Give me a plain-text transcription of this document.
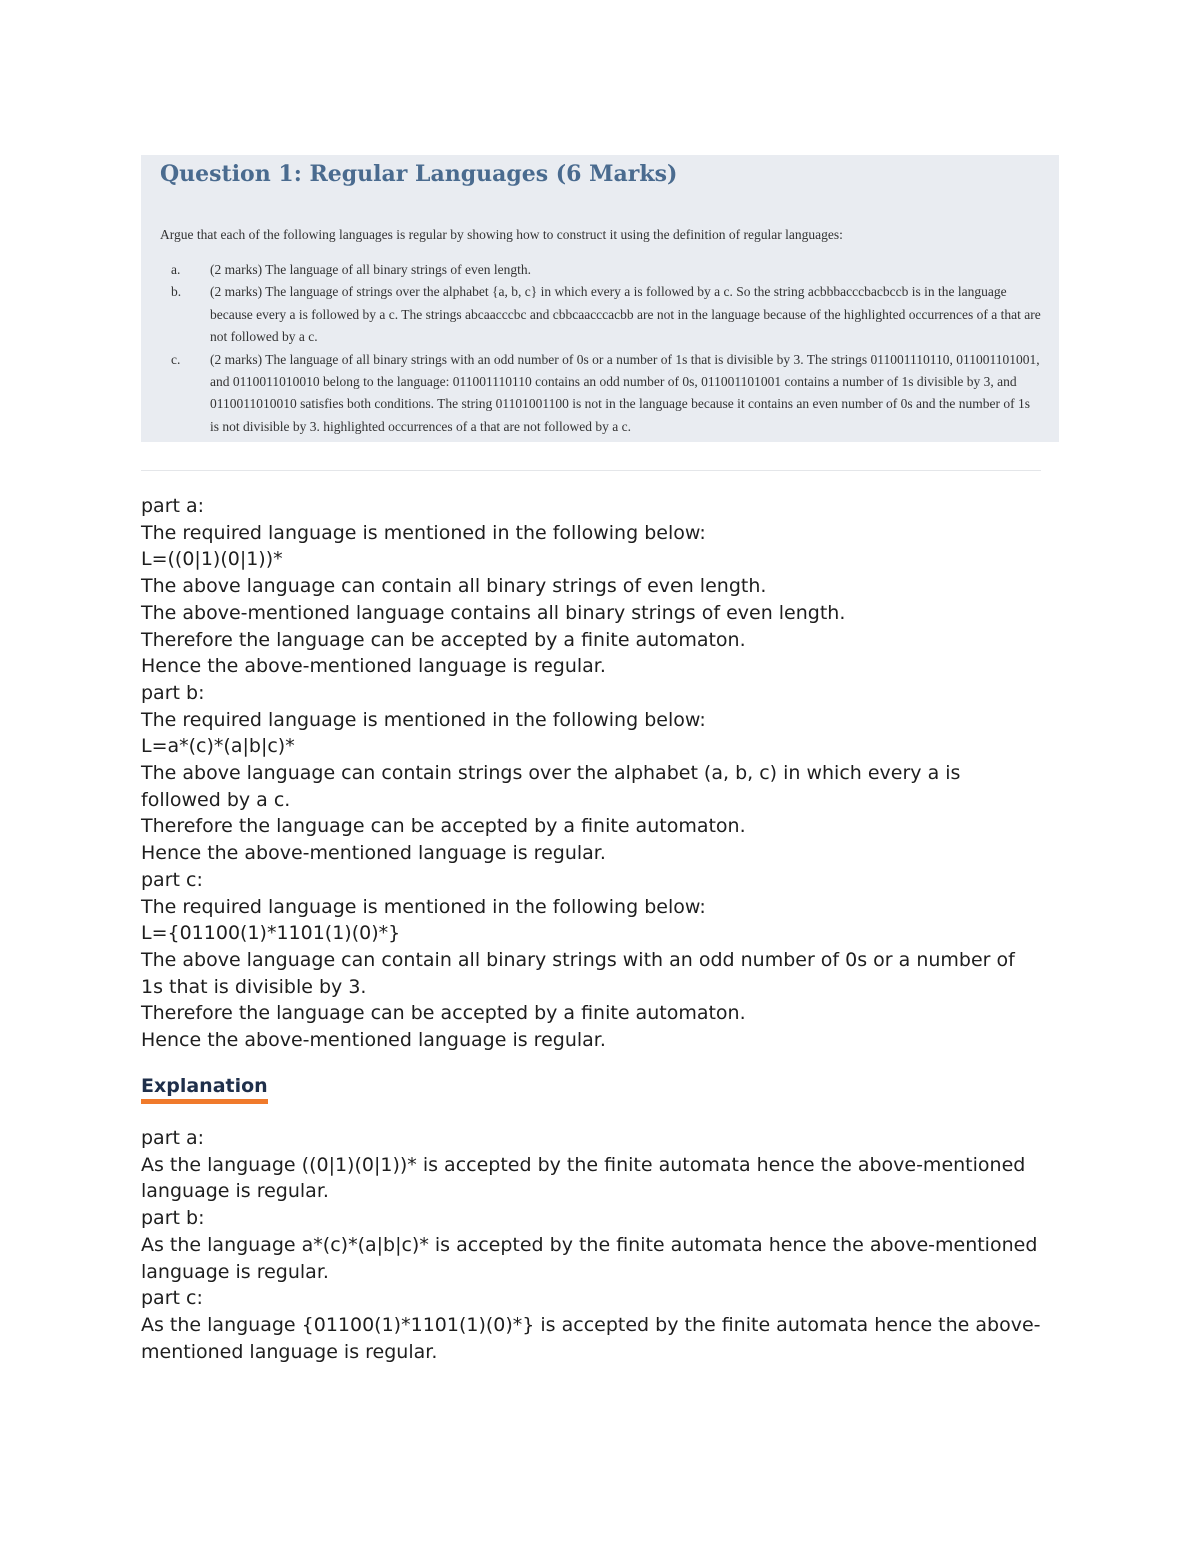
Question 1: Regular Languages (6 Marks)
Argue that each of the following languages is regular by showing how to construct it using the definition of regular languages:
a.	(2 marks) The language of all binary strings of even length.
b.	(2 marks) The language of strings over the alphabet {a, b, c} in which every a is followed by a c. So the string acbbbacccbacbccb is in the language because every a is followed by a c. The strings abcaacccbc and cbbcaacccacbb are not in the language because of the highlighted occurrences of a that are not followed by a c.
c.	(2 marks) The language of all binary strings with an odd number of 0s or a number of 1s that is divisible by 3. The strings 011001110110, 011001101001, and 0110011010010 belong to the language: 011001110110 contains an odd number of 0s, 011001101001 contains a number of 1s divisible by 3, and 0110011010010 satisfies both conditions. The string 01101001100 is not in the language because it contains an even number of 0s and the number of 1s is not divisible by 3. highlighted occurrences of a that are not followed by a c.
part a:
The required language is mentioned in the following below:
L=((0|1)(0|1))*
The above language can contain all binary strings of even length.
The above-mentioned language contains all binary strings of even length.
Therefore the language can be accepted by a finite automaton.
Hence the above-mentioned language is regular.
part b:
The required language is mentioned in the following below:
L=a*(c)*(a|b|c)*
The above language can contain strings over the alphabet (a, b, c) in which every a is followed by a c.
Therefore the language can be accepted by a finite automaton.
Hence the above-mentioned language is regular.
part c:
The required language is mentioned in the following below:
L={01100(1)*1101(1)(0)*}
The above language can contain all binary strings with an odd number of 0s or a number of 1s that is divisible by 3.
Therefore the language can be accepted by a finite automaton.
Hence the above-mentioned language is regular.
Explanation
part a:
As the language ((0|1)(0|1))* is accepted by the finite automata hence the above-mentioned language is regular.
part b:
As the language a*(c)*(a|b|c)* is accepted by the finite automata hence the above-mentioned language is regular.
part c:
As the language {01100(1)*1101(1)(0)*} is accepted by the finite automata hence the above-mentioned language is regular.
